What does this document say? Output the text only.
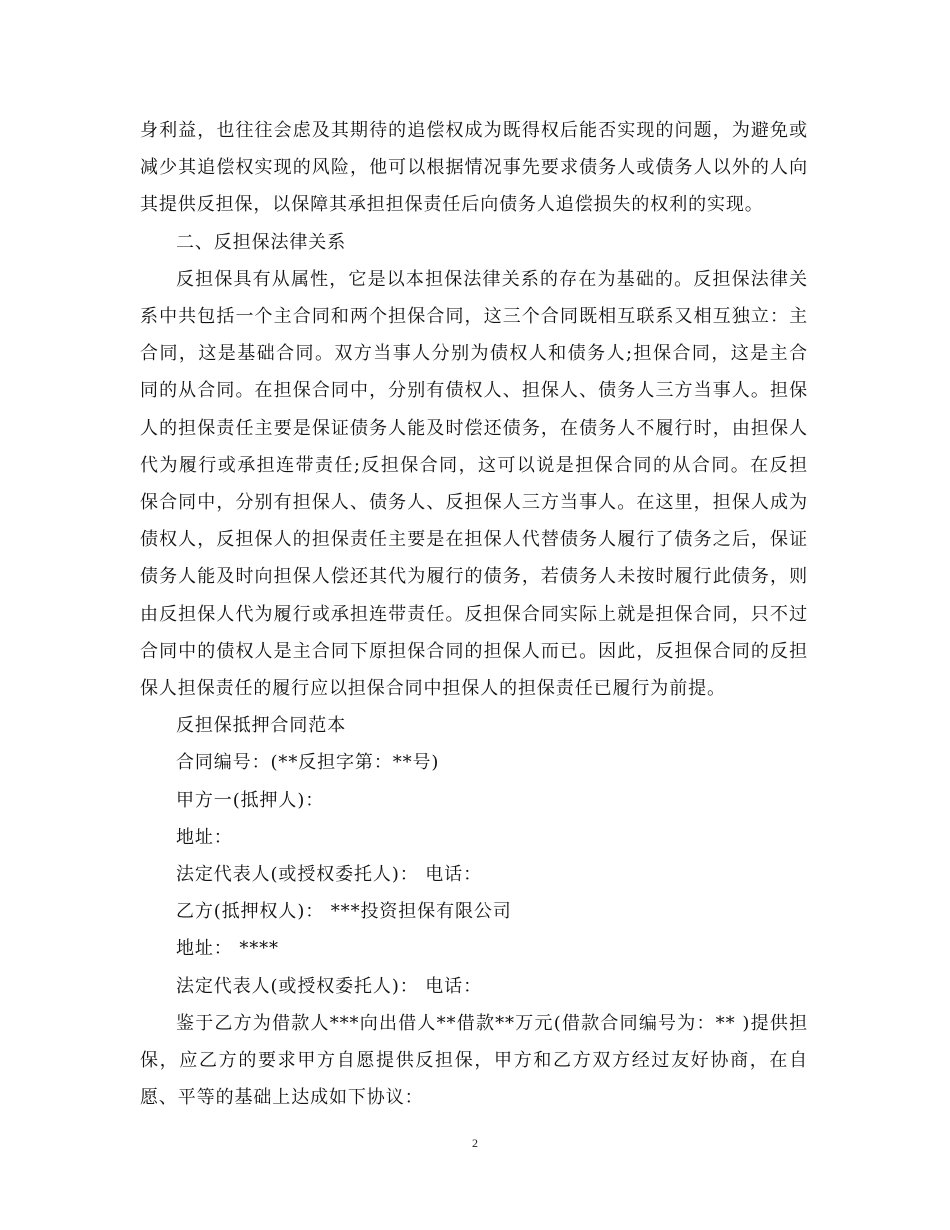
身利益，也往往会虑及其期待的追偿权成为既得权后能否实现的问题，为避免或减少其追偿权实现的风险，他可以根据情况事先要求债务人或债务人以外的人向其提供反担保，以保障其承担担保责任后向债务人追偿损失的权利的实现。

二、反担保法律关系

反担保具有从属性，它是以本担保法律关系的存在为基础的。反担保法律关系中共包括一个主合同和两个担保合同，这三个合同既相互联系又相互独立：主合同，这是基础合同。双方当事人分别为债权人和债务人;担保合同，这是主合同的从合同。在担保合同中，分别有债权人、担保人、债务人三方当事人。担保人的担保责任主要是保证债务人能及时偿还债务，在债务人不履行时，由担保人代为履行或承担连带责任;反担保合同，这可以说是担保合同的从合同。在反担保合同中，分别有担保人、债务人、反担保人三方当事人。在这里，担保人成为债权人，反担保人的担保责任主要是在担保人代替债务人履行了债务之后，保证债务人能及时向担保人偿还其代为履行的债务，若债务人未按时履行此债务，则由反担保人代为履行或承担连带责任。反担保合同实际上就是担保合同，只不过合同中的债权人是主合同下原担保合同的担保人而已。因此，反担保合同的反担保人担保责任的履行应以担保合同中担保人的担保责任已履行为前提。

反担保抵押合同范本

合同编号：(**反担字第：**号)

甲方一(抵押人)：

地址：

法定代表人(或授权委托人)： 电话：

乙方(抵押权人)： ***投资担保有限公司

地址： ****

法定代表人(或授权委托人)： 电话：

鉴于乙方为借款人***向出借人**借款**万元(借款合同编号为：** )提供担保，应乙方的要求甲方自愿提供反担保，甲方和乙方双方经过友好协商，在自愿、平等的基础上达成如下协议：

2
